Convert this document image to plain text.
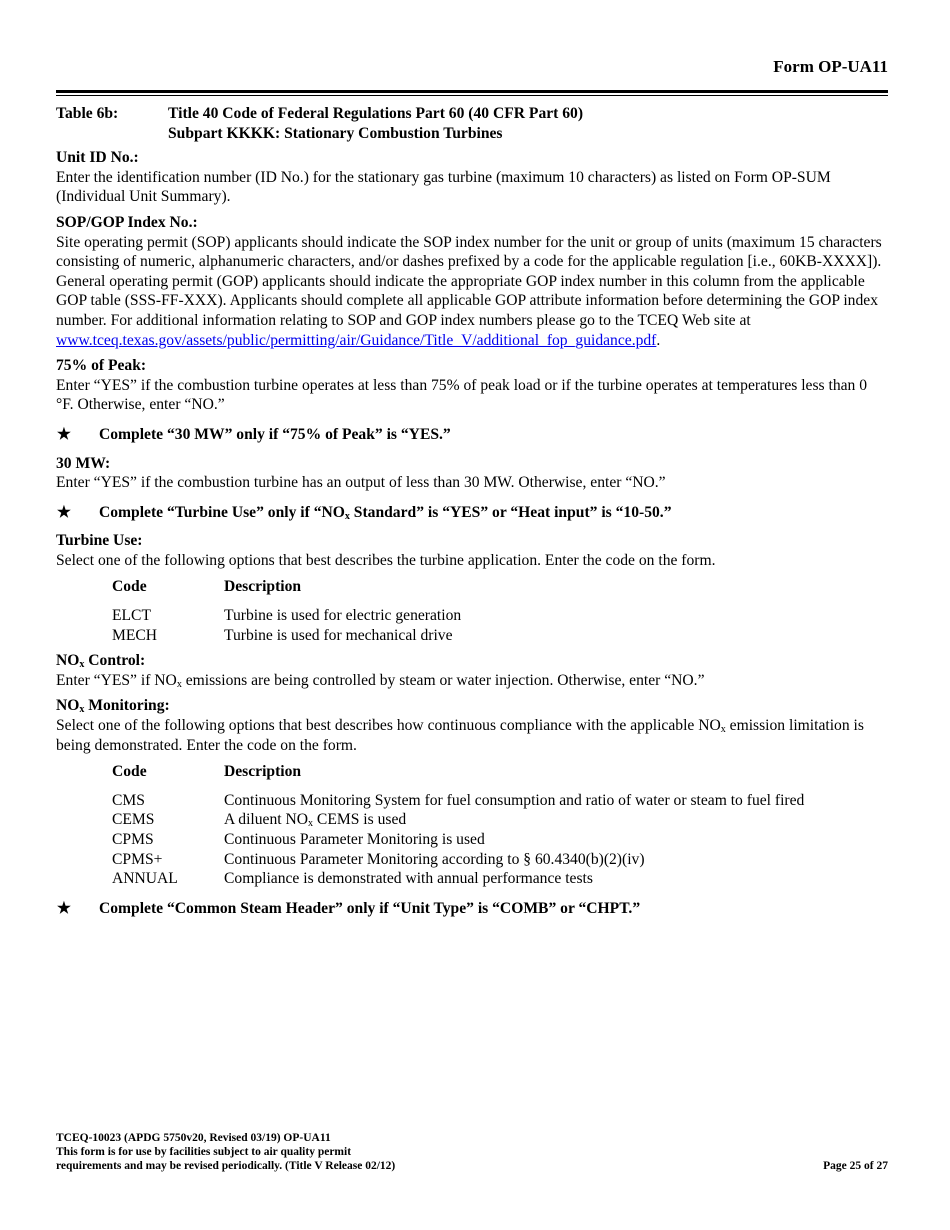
Form OP-UA11
Table 6b:	Title 40 Code of Federal Regulations Part 60 (40 CFR Part 60)
Subpart KKKK: Stationary Combustion Turbines
Unit ID No.:
Enter the identification number (ID No.) for the stationary gas turbine (maximum 10 characters) as listed on Form OP-SUM (Individual Unit Summary).
SOP/GOP Index No.:
Site operating permit (SOP) applicants should indicate the SOP index number for the unit or group of units (maximum 15 characters consisting of numeric, alphanumeric characters, and/or dashes prefixed by a code for the applicable regulation [i.e., 60KB-XXXX]). General operating permit (GOP) applicants should indicate the appropriate GOP index number in this column from the applicable GOP table (SSS-FF-XXX). Applicants should complete all applicable GOP attribute information before determining the GOP index number. For additional information relating to SOP and GOP index numbers please go to the TCEQ Web site at www.tceq.texas.gov/assets/public/permitting/air/Guidance/Title_V/additional_fop_guidance.pdf.
75% of Peak:
Enter “YES” if the combustion turbine operates at less than 75% of peak load or if the turbine operates at temperatures less than 0 °F. Otherwise, enter “NO.”
★	Complete “30 MW” only if “75% of Peak” is “YES.”
30 MW:
Enter “YES” if the combustion turbine has an output of less than 30 MW. Otherwise, enter “NO.”
★	Complete “Turbine Use” only if “$NO_x$ Standard” is “YES” or “Heat input” is “10-50.”
Turbine Use:
Select one of the following options that best describes the turbine application. Enter the code on the form.
Code	Description
ELCT	Turbine is used for electric generation
MECH	Turbine is used for mechanical drive
$NO_x$ Control:
Enter “YES” if $NO_x$ emissions are being controlled by steam or water injection. Otherwise, enter “NO.”
$NO_x$ Monitoring:
Select one of the following options that best describes how continuous compliance with the applicable $NO_x$ emission limitation is being demonstrated. Enter the code on the form.
Code	Description
CMS	Continuous Monitoring System for fuel consumption and ratio of water or steam to fuel fired
CEMS	A diluent $NO_x$ CEMS is used
CPMS	Continuous Parameter Monitoring is used
CPMS+	Continuous Parameter Monitoring according to § 60.4340(b)(2)(iv)
ANNUAL	Compliance is demonstrated with annual performance tests
★	Complete “Common Steam Header” only if “Unit Type” is “COMB” or “CHPT.”
TCEQ-10023 (APDG 5750v20, Revised 03/19) OP-UA11
This form is for use by facilities subject to air quality permit
requirements and may be revised periodically. (Title V Release 02/12)	Page 25 of 27
